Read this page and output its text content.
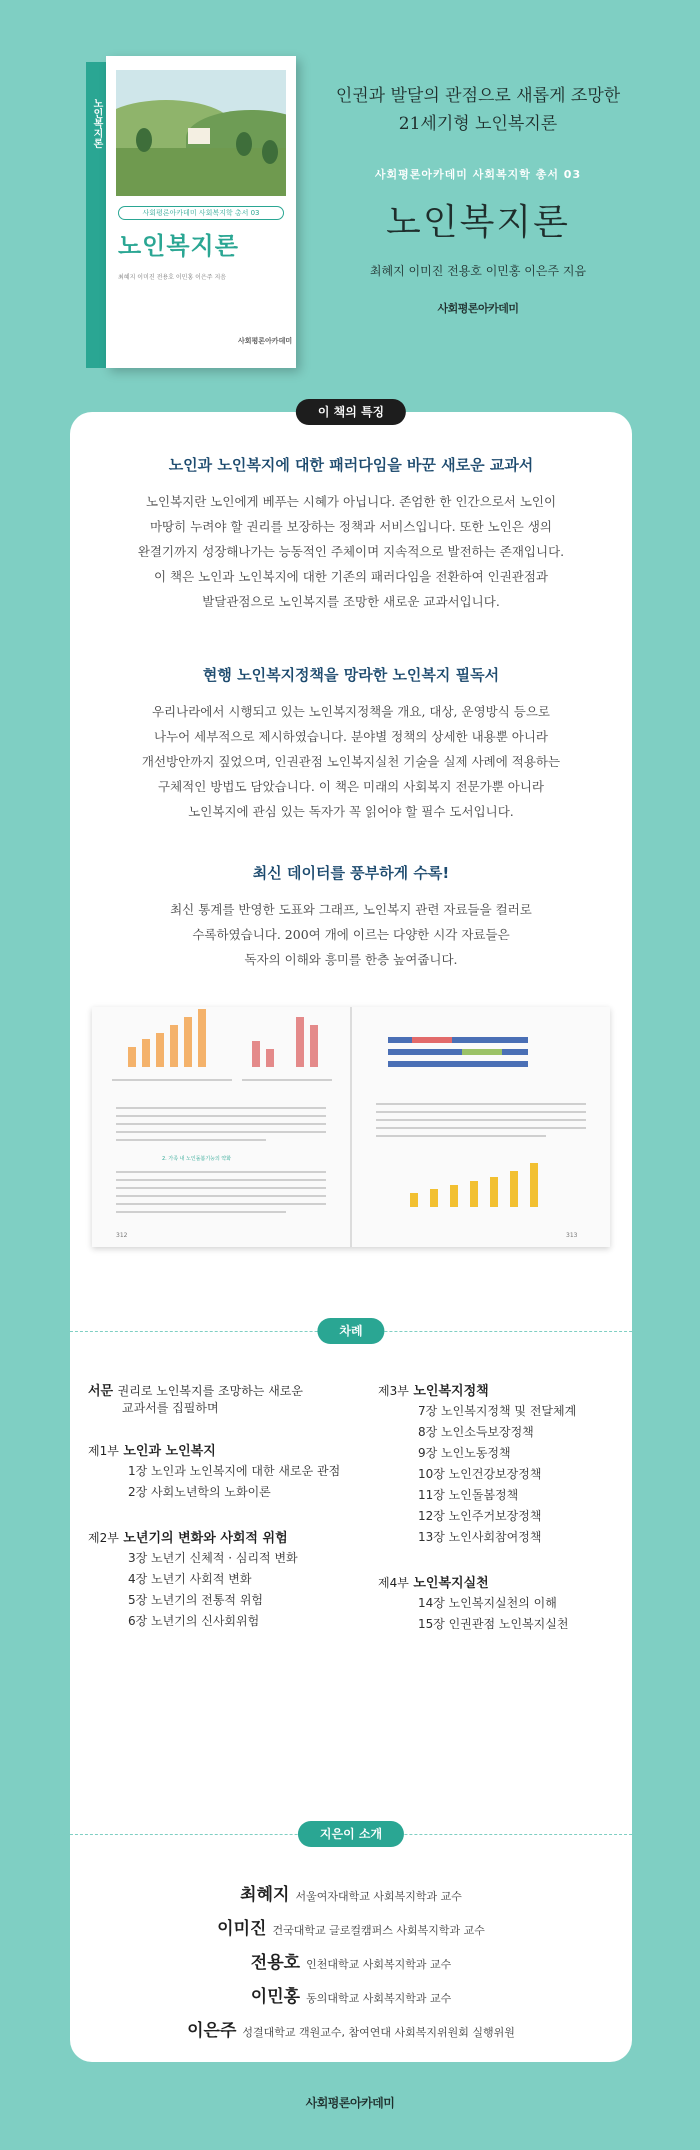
노인복지론
사회평론아카데미 사회복지학 총서 03
노인복지론
최혜지 이미진 전용호 이민홍 이은주 지음
사회평론아카데미
인권과 발달의 관점으로 새롭게 조망한
21세기형 노인복지론
사회평론아카데미 사회복지학 총서 03
노인복지론
최혜지 이미진 전용호 이민홍 이은주 지음
사회평론아카데미
이 책의 특징
노인과 노인복지에 대한 패러다임을 바꾼 새로운 교과서

노인복지란 노인에게 베푸는 시혜가 아닙니다. 존엄한 한 인간으로서 노인이
마땅히 누려야 할 권리를 보장하는 정책과 서비스입니다. 또한 노인은 생의
완결기까지 성장해나가는 능동적인 주체이며 지속적으로 발전하는 존재입니다.
이 책은 노인과 노인복지에 대한 기존의 패러다임을 전환하여 인권관점과
발달관점으로 노인복지를 조망한 새로운 교과서입니다.

현행 노인복지정책을 망라한 노인복지 필독서

우리나라에서 시행되고 있는 노인복지정책을 개요, 대상, 운영방식 등으로
나누어 세부적으로 제시하였습니다. 분야별 정책의 상세한 내용뿐 아니라
개선방안까지 짚었으며, 인권관점 노인복지실천 기술을 실제 사례에 적용하는
구체적인 방법도 담았습니다. 이 책은 미래의 사회복지 전문가뿐 아니라
노인복지에 관심 있는 독자가 꼭 읽어야 할 필수 도서입니다.

최신 데이터를 풍부하게 수록!

최신 통계를 반영한 도표와 그래프, 노인복지 관련 자료들을 컬러로
수록하였습니다. 200여 개에 이르는 다양한 시각 자료들은
독자의 이해와 흥미를 한층 높여줍니다.

2. 가족 내 노인돌봄기능의 약화
312	313
차례
서문 권리로 노인복지를 조망하는 새로운
교과서를 집필하며
제1부 노인과 노인복지
1장 노인과 노인복지에 대한 새로운 관점
2장 사회노년학의 노화이론
제2부 노년기의 변화와 사회적 위험
3장 노년기 신체적 · 심리적 변화
4장 노년기 사회적 변화
5장 노년기의 전통적 위험
6장 노년기의 신사회위험
제3부 노인복지정책
7장 노인복지정책 및 전달체계
8장 노인소득보장정책
9장 노인노동정책
10장 노인건강보장정책
11장 노인돌봄정책
12장 노인주거보장정책
13장 노인사회참여정책
제4부 노인복지실천
14장 노인복지실천의 이해
15장 인권관점 노인복지실천
지은이 소개
최혜지 서울여자대학교 사회복지학과 교수
이미진 건국대학교 글로컬캠퍼스 사회복지학과 교수
전용호 인천대학교 사회복지학과 교수
이민홍 동의대학교 사회복지학과 교수
이은주 성결대학교 객원교수, 참여연대 사회복지위원회 실행위원
사회평론아카데미
